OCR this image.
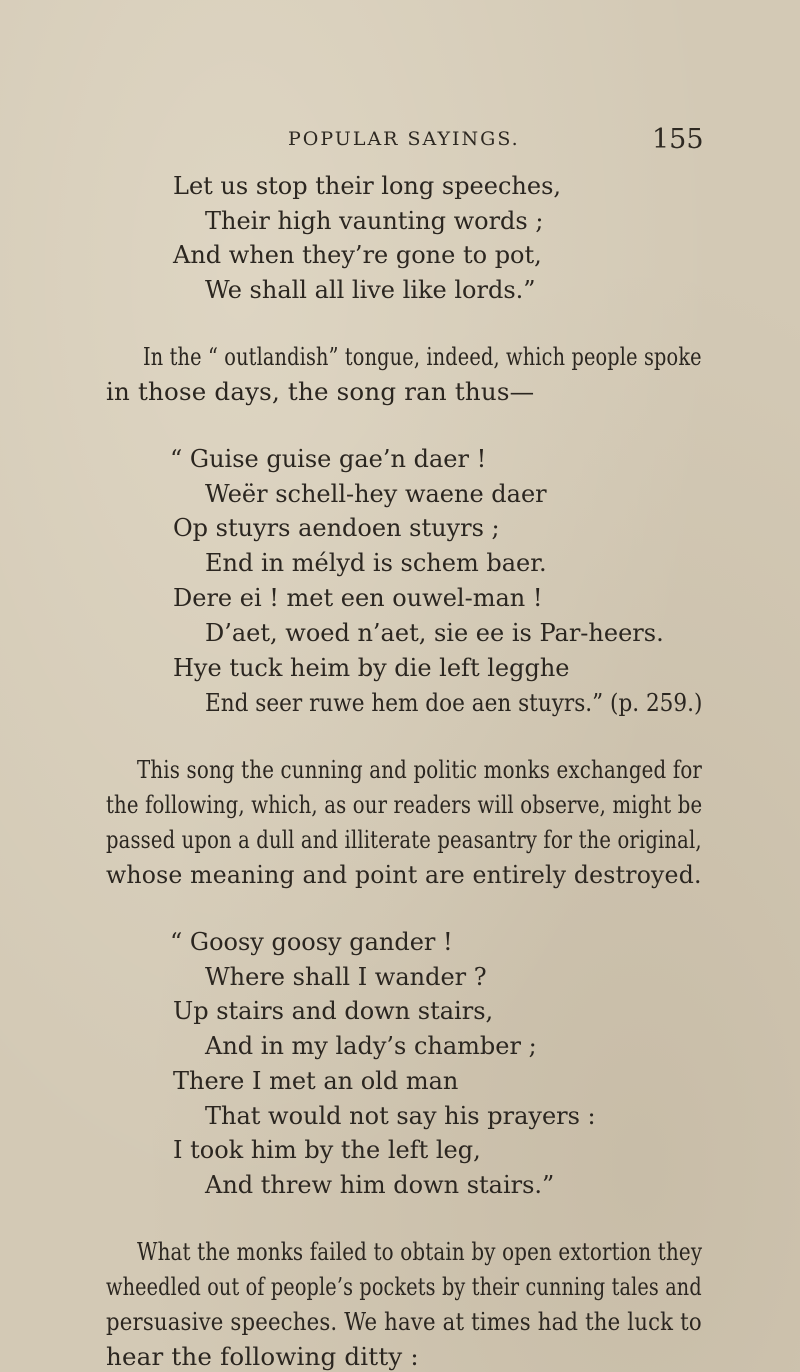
POPULAR SAYINGS.	155
Let us stop their long speeches,
Their high vaunting words ;
And when they’re gone to pot,
We shall all live like lords.”
In the “ outlandish” tongue, indeed, which people spoke
in those days, the song ran thus—
“ Guise guise gae’n daer !
Weër schell-hey waene daer
Op stuyrs aendoen stuyrs ;
End in mélyd is schem baer.
Dere ei ! met een ouwel-man !
D’aet, woed n’aet, sie ee is Par-heers.
Hye tuck heim by die left legghe
End seer ruwe hem doe aen stuyrs.” (p. 259.)
This song the cunning and politic monks exchanged for
the following, which, as our readers will observe, might be
passed upon a dull and illiterate peasantry for the original,
whose meaning and point are entirely destroyed.
“ Goosy goosy gander !
Where shall I wander ?
Up stairs and down stairs,
And in my lady’s chamber ;
There I met an old man
That would not say his prayers :
I took him by the left leg,
And threw him down stairs.”
What the monks failed to obtain by open extortion they
wheedled out of people’s pockets by their cunning tales and
persuasive speeches. We have at times had the luck to
hear the following ditty :
